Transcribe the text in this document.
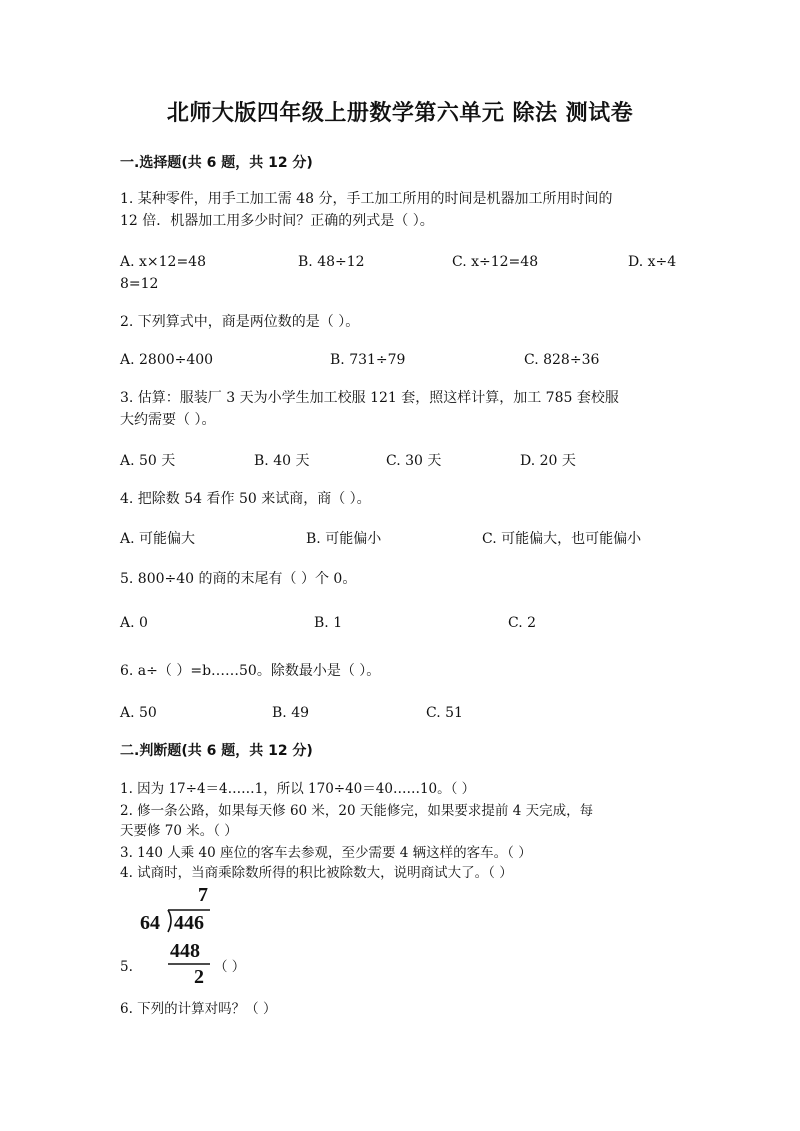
北师大版四年级上册数学第六单元 除法 测试卷
一.选择题(共 6 题，共 12 分)
1. 某种零件，用手工加工需 48 分，手工加工所用的时间是机器加工所用时间的
12 倍．机器加工用多少时间？正确的列式是（ ）。
A. x×12=48	B. 48÷12	C. x÷12=48	D. x÷4
8=12
2. 下列算式中，商是两位数的是（ ）。
A. 2800÷400	B. 731÷79	C. 828÷36
3. 估算：服装厂 3 天为小学生加工校服 121 套，照这样计算，加工 785 套校服
大约需要（ ）。
A. 50 天	B. 40 天	C. 30 天	D. 20 天
4. 把除数 54 看作 50 来试商，商（ ）。
A. 可能偏大	B. 可能偏小	C. 可能偏大，也可能偏小
5. 800÷40 的商的末尾有（ ）个 0。
A. 0	B. 1	C. 2
6. a÷（ ）=b……50。除数最小是（ ）。
A. 50	B. 49	C. 51
二.判断题(共 6 题，共 12 分)
1. 因为 17÷4＝4……1，所以 170÷40＝40……10。（ ）
2. 修一条公路，如果每天修 60 米，20 天能修完，如果要求提前 4 天完成，每
天要修 70 米。（ ）
3. 140 人乘 40 座位的客车去参观，至少需要 4 辆这样的客车。（ ）
4. 试商时，当商乘除数所得的积比被除数大，说明商试大了。（ ）
7
64 446
448
2
5.	（ ）
6. 下列的计算对吗？（ ）
